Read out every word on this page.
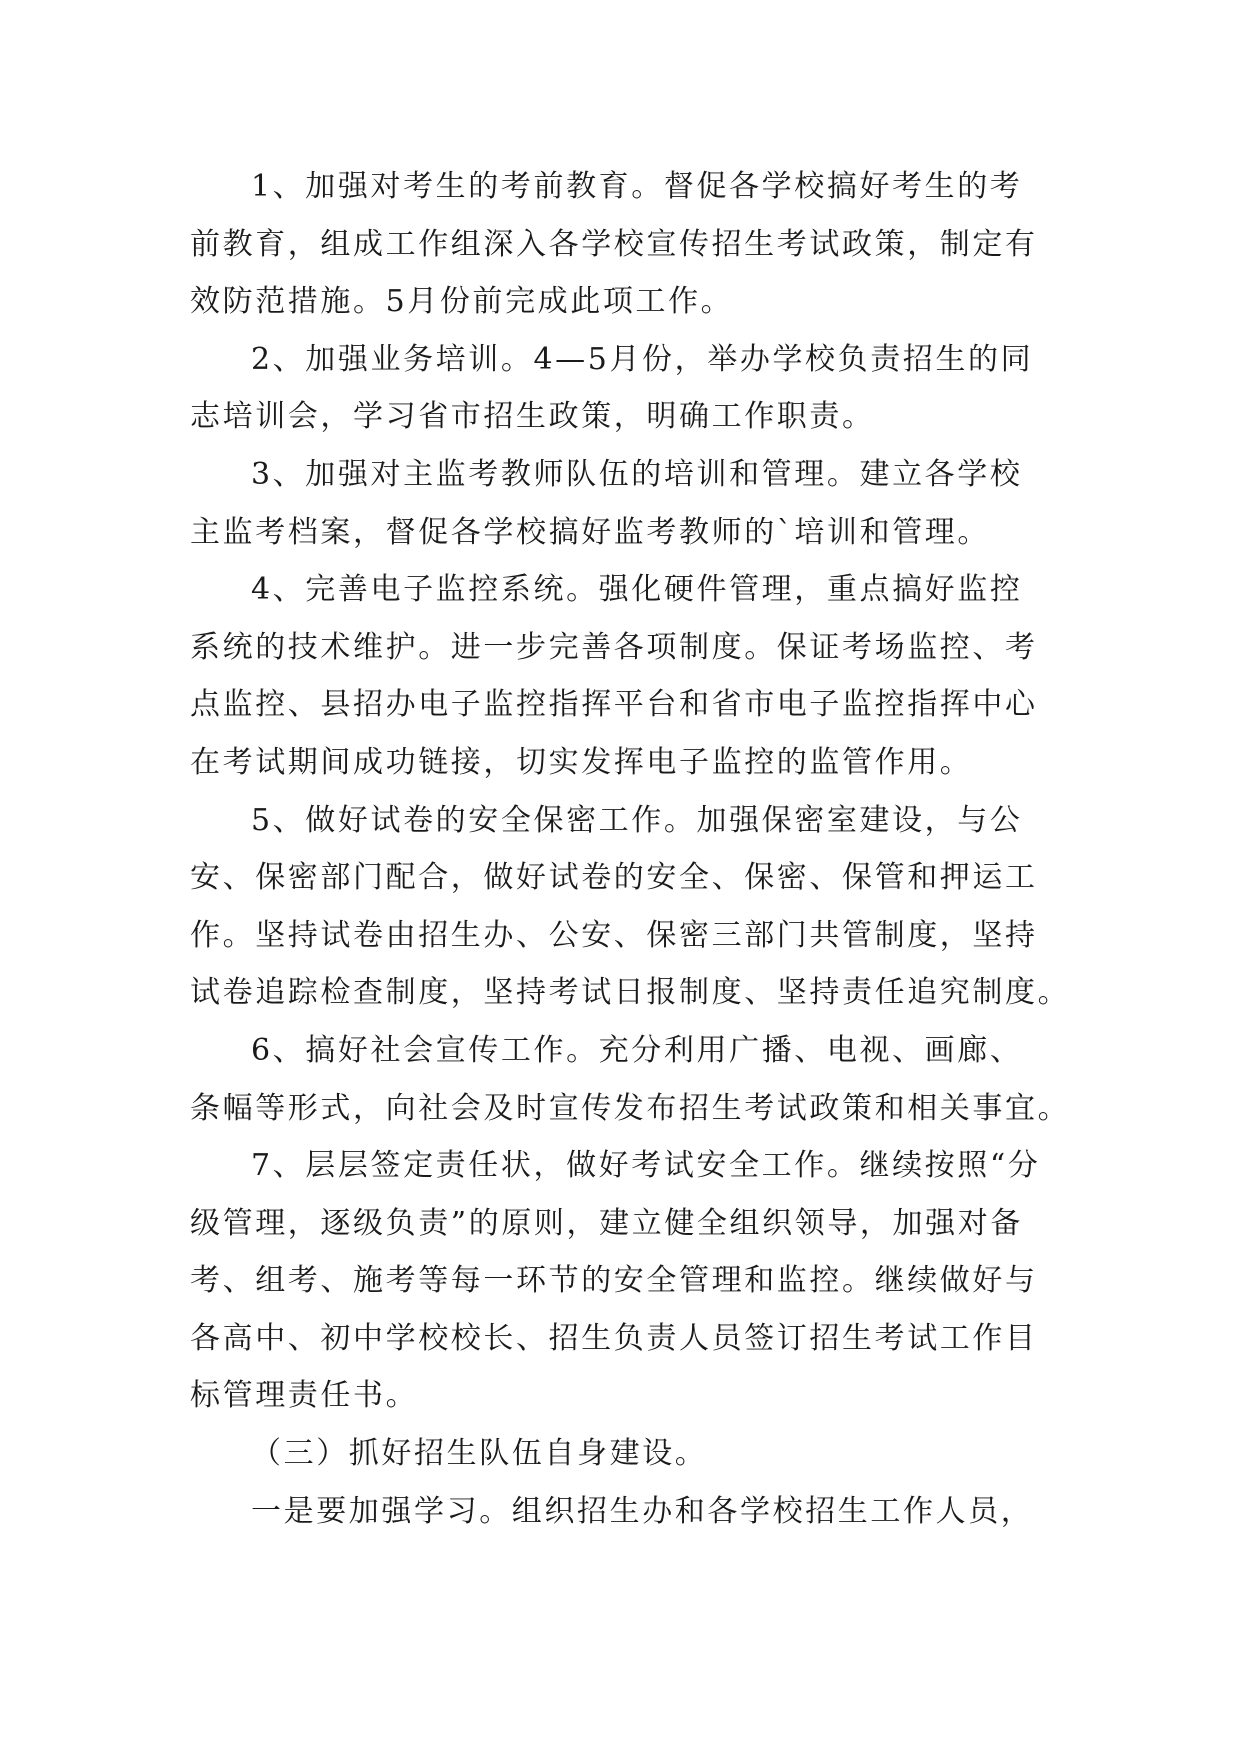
1、加强对考生的考前教育。督促各学校搞好考生的考
前教育，组成工作组深入各学校宣传招生考试政策，制定有
效防范措施。5月份前完成此项工作。
2、加强业务培训。4—5月份，举办学校负责招生的同
志培训会，学习省市招生政策，明确工作职责。
3、加强对主监考教师队伍的培训和管理。建立各学校
主监考档案，督促各学校搞好监考教师的`培训和管理。
4、完善电子监控系统。强化硬件管理，重点搞好监控
系统的技术维护。进一步完善各项制度。保证考场监控、考
点监控、县招办电子监控指挥平台和省市电子监控指挥中心
在考试期间成功链接，切实发挥电子监控的监管作用。
5、做好试卷的安全保密工作。加强保密室建设，与公
安、保密部门配合，做好试卷的安全、保密、保管和押运工
作。坚持试卷由招生办、公安、保密三部门共管制度，坚持
试卷追踪检查制度，坚持考试日报制度、坚持责任追究制度。
6、搞好社会宣传工作。充分利用广播、电视、画廊、
条幅等形式，向社会及时宣传发布招生考试政策和相关事宜。
7、层层签定责任状，做好考试安全工作。继续按照“分
级管理，逐级负责”的原则，建立健全组织领导，加强对备
考、组考、施考等每一环节的安全管理和监控。继续做好与
各高中、初中学校校长、招生负责人员签订招生考试工作目
标管理责任书。
（三）抓好招生队伍自身建设。
一是要加强学习。组织招生办和各学校招生工作人员，
